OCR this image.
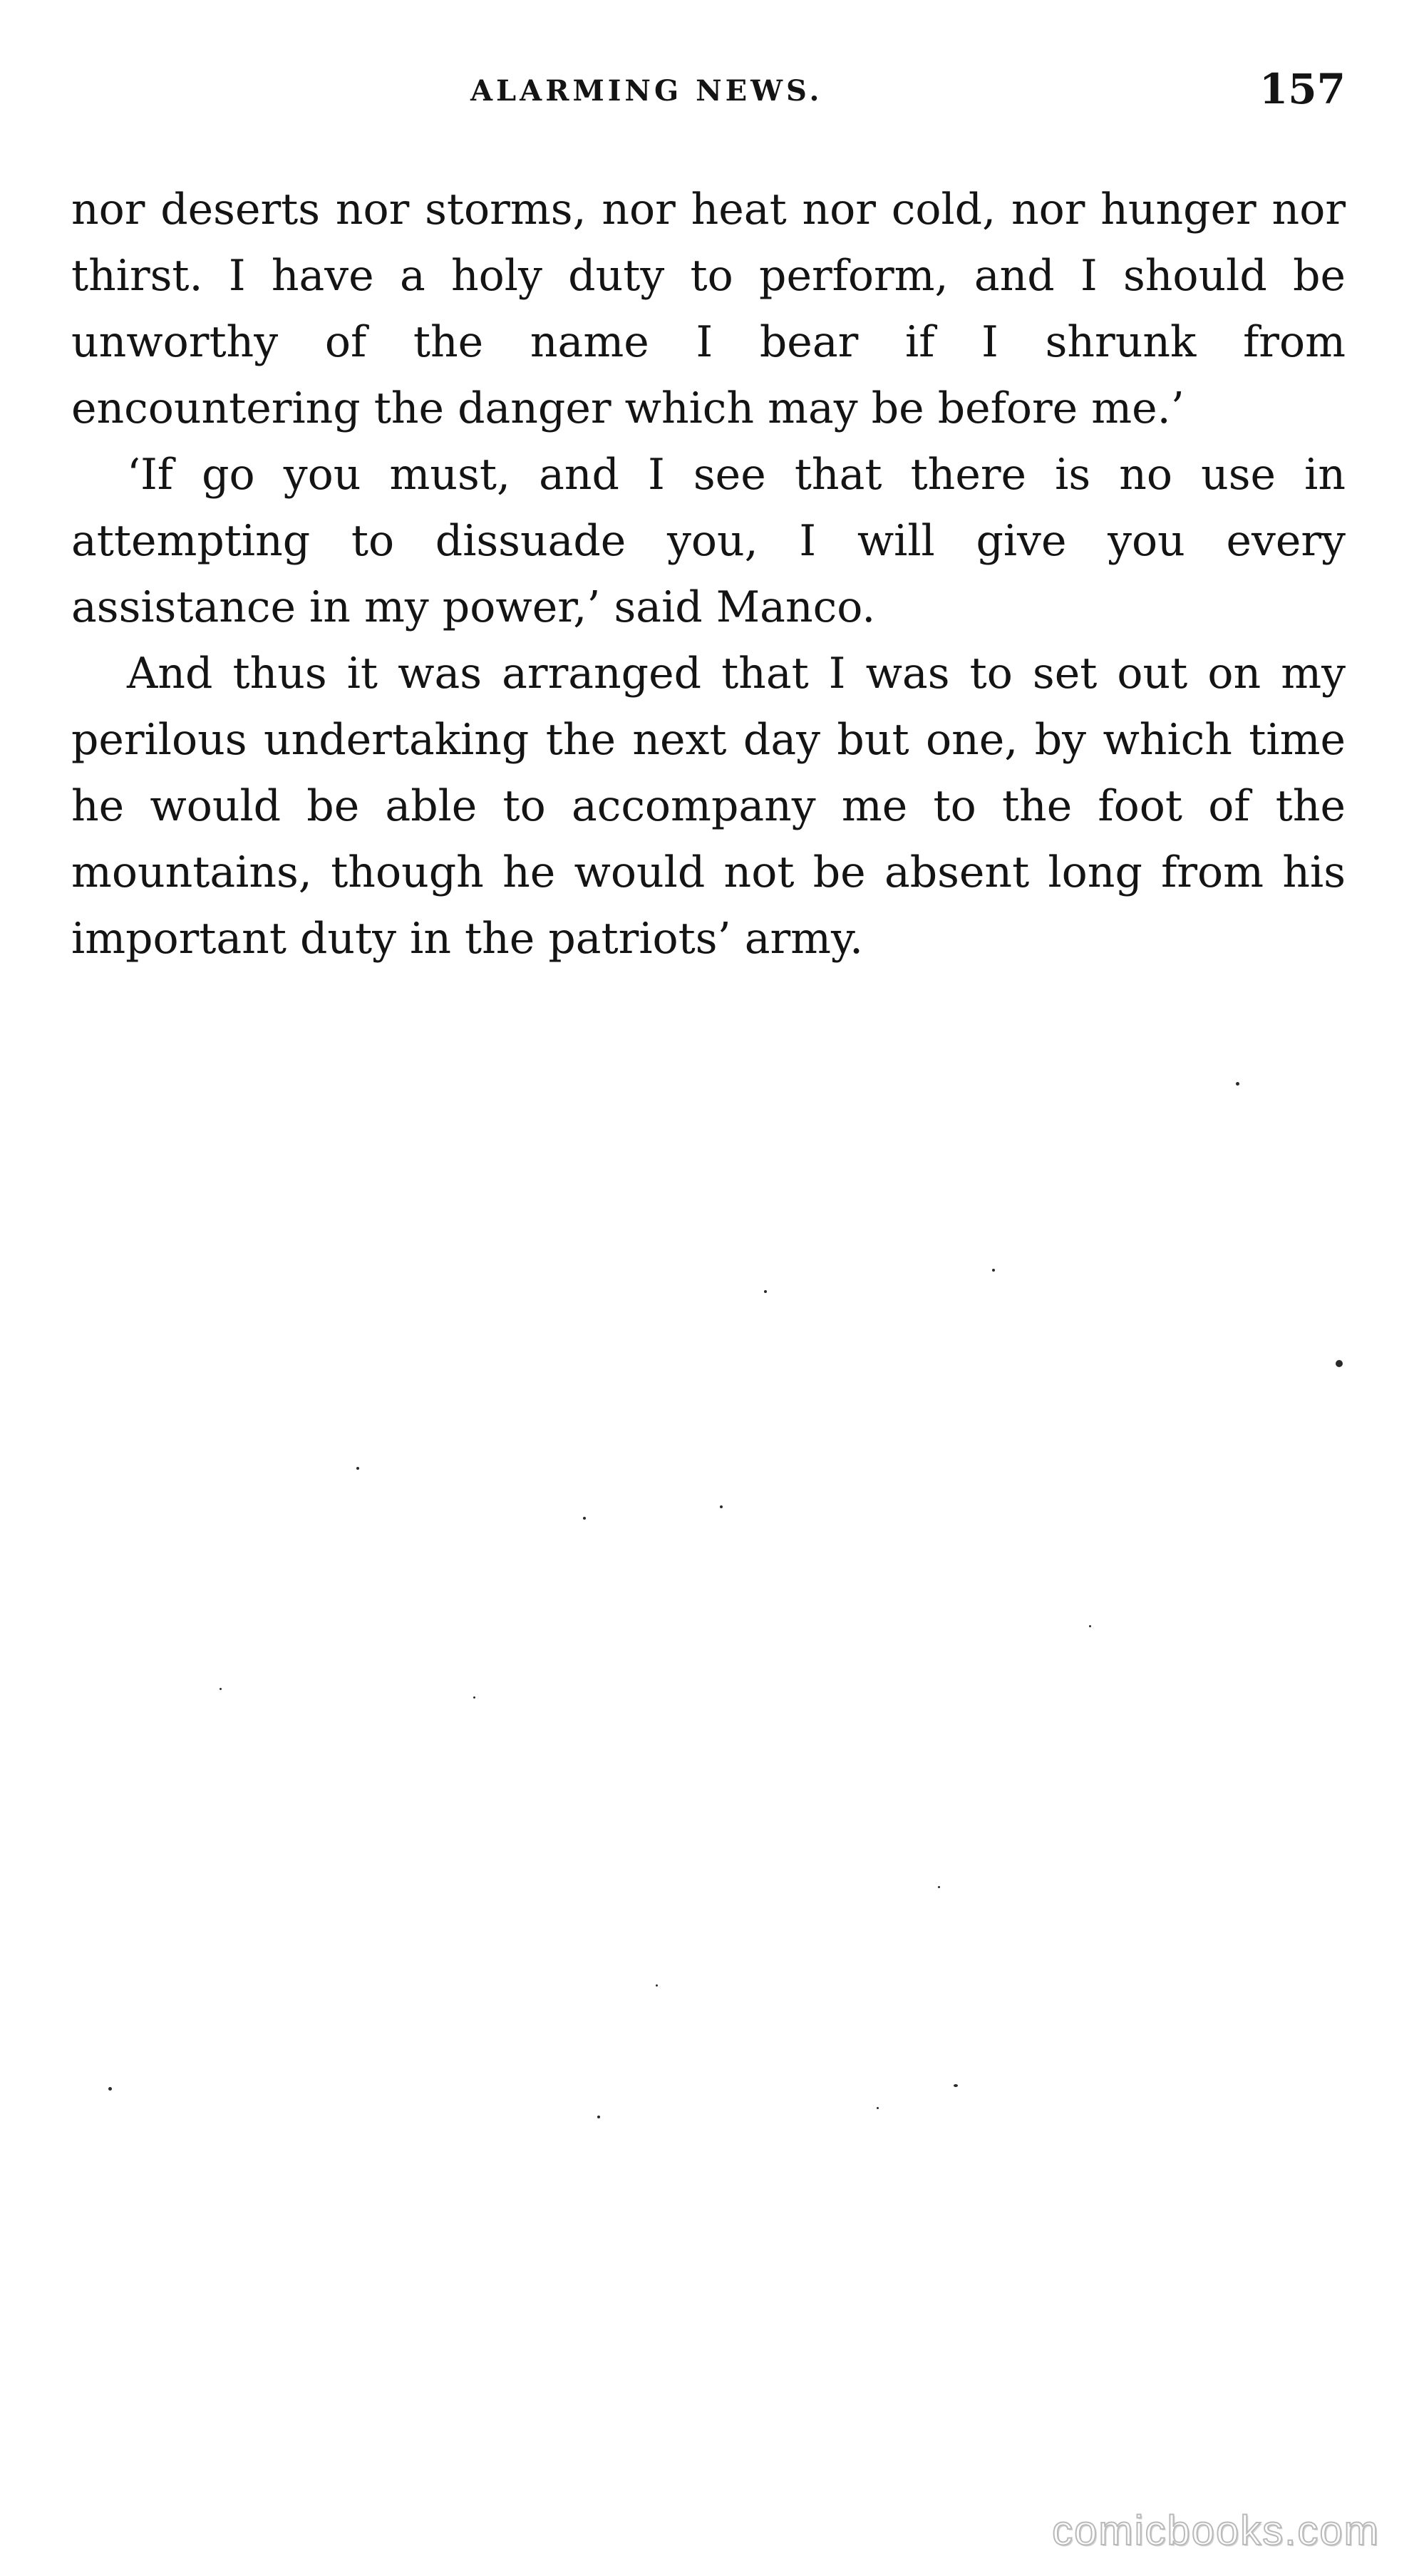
ALARMING NEWS.	157

nor deserts nor storms, nor heat nor cold, nor hunger nor thirst. I have a holy duty to perform, and I should be unworthy of the name I bear if I shrunk from encountering the danger which may be before me.’

‘If go you must, and I see that there is no use in attempting to dissuade you, I will give you every assistance in my power,’ said Manco.

And thus it was arranged that I was to set out on my perilous undertaking the next day but one, by which time he would be able to accompany me to the foot of the mountains, though he would not be absent long from his important duty in the patriots’ army.

comicbooks.com
